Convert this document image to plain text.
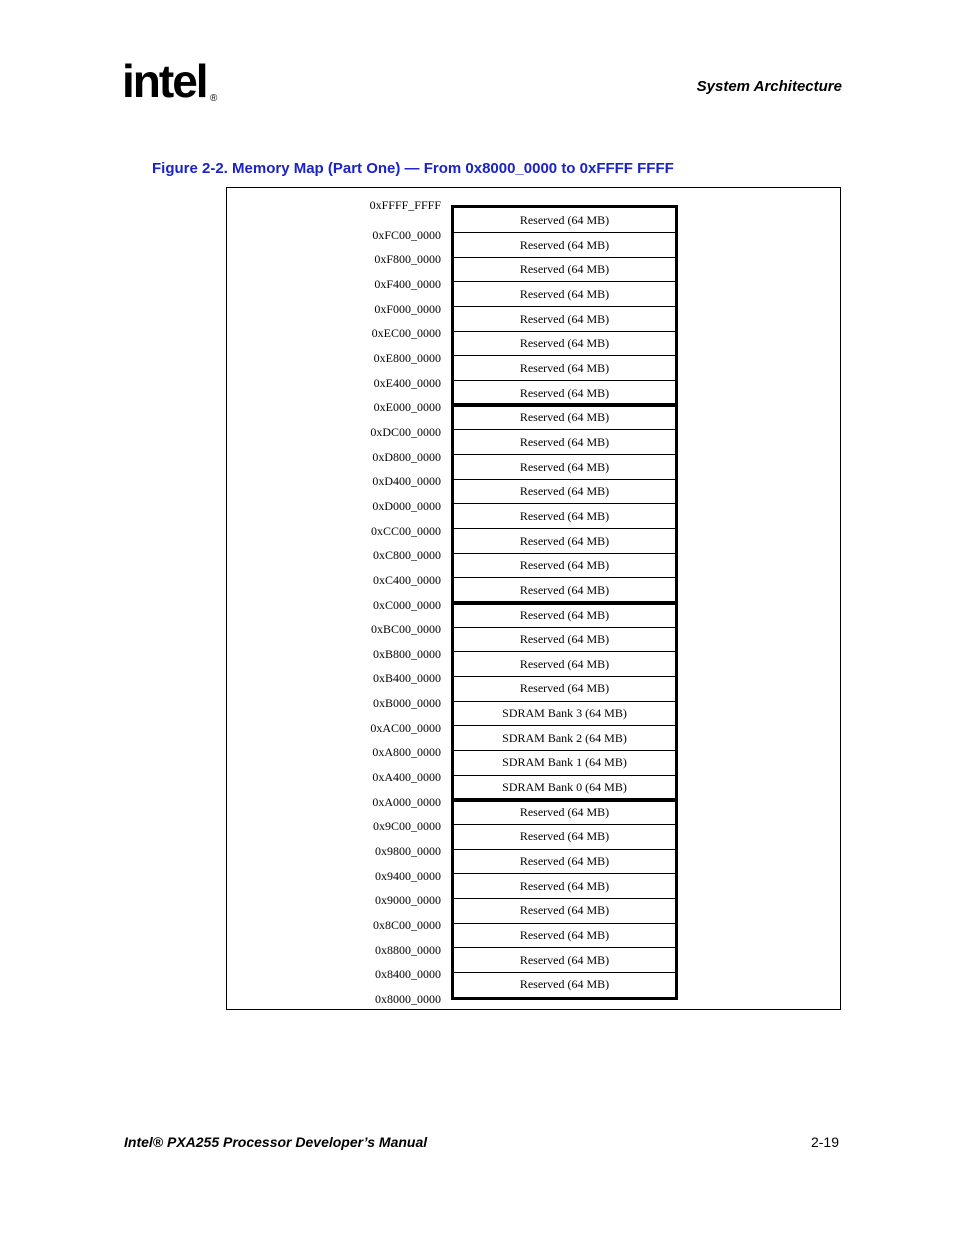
intel ®
System Architecture
Figure 2-2. Memory Map (Part One) — From 0x8000_0000 to 0xFFFF FFFF
0xFFFF_FFFF
0xFC00_0000
0xF800_0000
0xF400_0000
0xF000_0000
0xEC00_0000
0xE800_0000
0xE400_0000
0xE000_0000
0xDC00_0000
0xD800_0000
0xD400_0000
0xD000_0000
0xCC00_0000
0xC800_0000
0xC400_0000
0xC000_0000
0xBC00_0000
0xB800_0000
0xB400_0000
0xB000_0000
0xAC00_0000
0xA800_0000
0xA400_0000
0xA000_0000
0x9C00_0000
0x9800_0000
0x9400_0000
0x9000_0000
0x8C00_0000
0x8800_0000
0x8400_0000
0x8000_0000
Reserved (64 MB)
Reserved (64 MB)
Reserved (64 MB)
Reserved (64 MB)
Reserved (64 MB)
Reserved (64 MB)
Reserved (64 MB)
Reserved (64 MB)
Reserved (64 MB)
Reserved (64 MB)
Reserved (64 MB)
Reserved (64 MB)
Reserved (64 MB)
Reserved (64 MB)
Reserved (64 MB)
Reserved (64 MB)
Reserved (64 MB)
Reserved (64 MB)
Reserved (64 MB)
Reserved (64 MB)
SDRAM Bank 3 (64 MB)
SDRAM Bank 2 (64 MB)
SDRAM Bank 1 (64 MB)
SDRAM Bank 0 (64 MB)
Reserved (64 MB)
Reserved (64 MB)
Reserved (64 MB)
Reserved (64 MB)
Reserved (64 MB)
Reserved (64 MB)
Reserved (64 MB)
Reserved (64 MB)
Intel® PXA255 Processor Developer’s Manual	2-19
